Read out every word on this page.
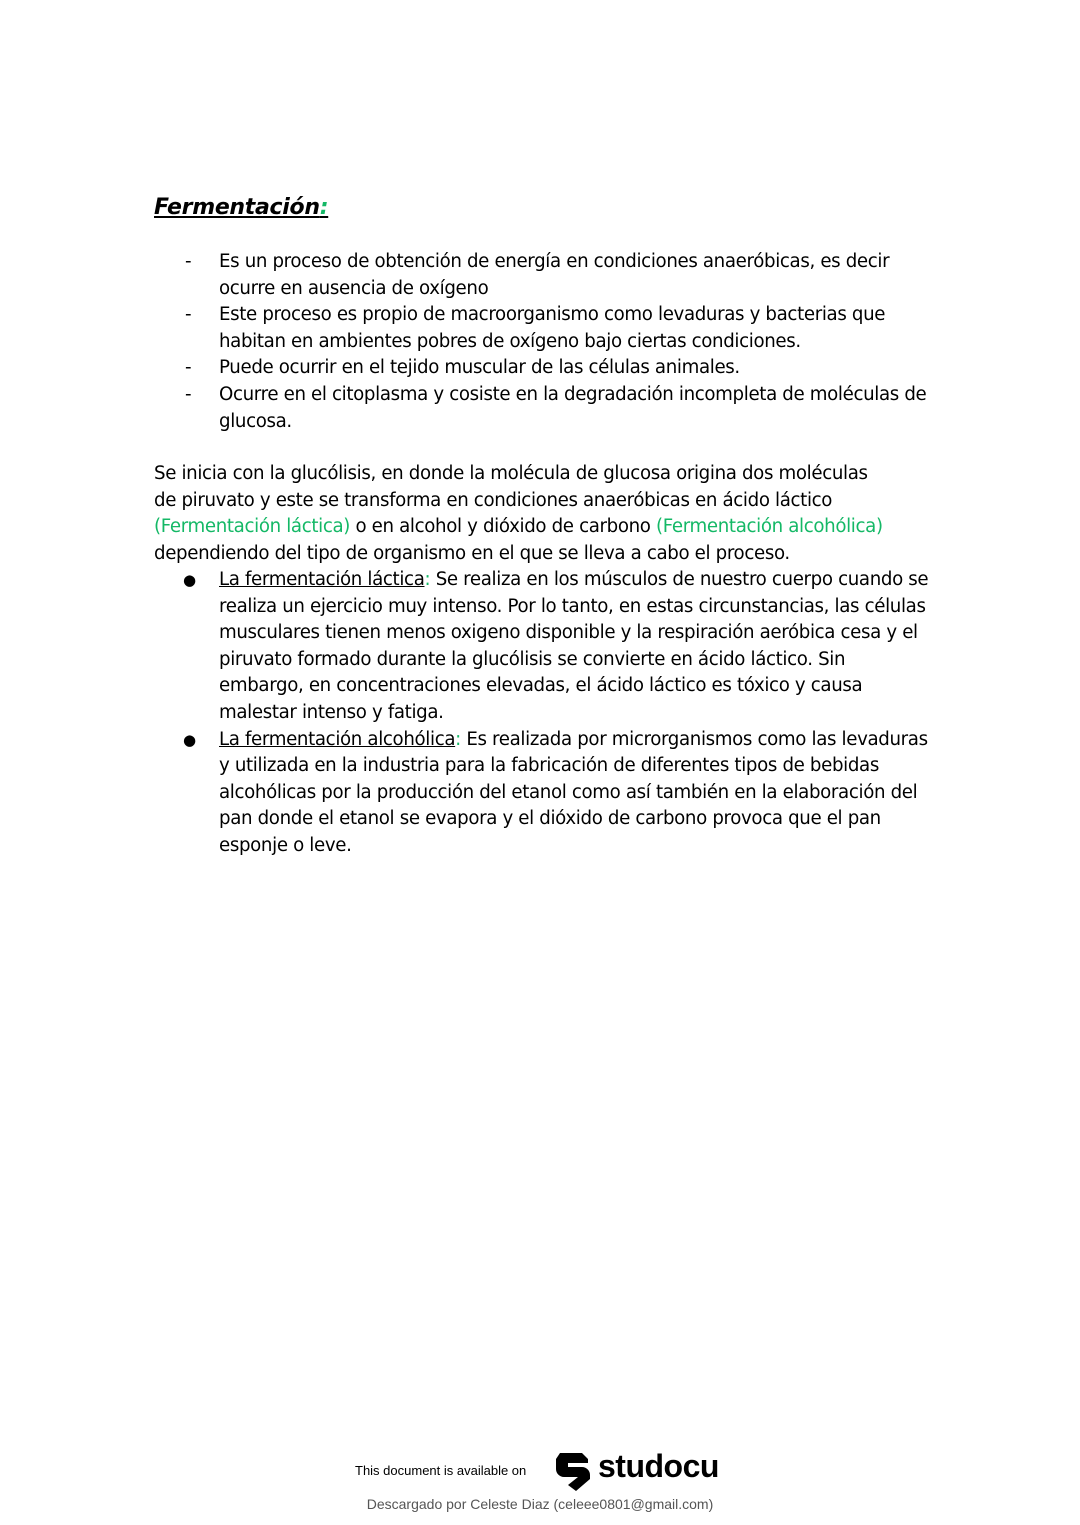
Fermentación:
- Es un proceso de obtención de energía en condiciones anaeróbicas, es decir ocurre en ausencia de oxígeno
- Este proceso es propio de macroorganismo como levaduras y bacterias que habitan en ambientes pobres de oxígeno bajo ciertas condiciones.
- Puede ocurrir en el tejido muscular de las células animales.
- Ocurre en el citoplasma y cosiste en la degradación incompleta de moléculas de glucosa.

Se inicia con la glucólisis, en donde la molécula de glucosa origina dos moléculas
de piruvato y este se transforma en condiciones anaeróbicas en ácido láctico
(Fermentación láctica) o en alcohol y dióxido de carbono (Fermentación alcohólica)
dependiendo del tipo de organismo en el que se lleva a cabo el proceso.

● La fermentación láctica: Se realiza en los músculos de nuestro cuerpo cuando se realiza un ejercicio muy intenso. Por lo tanto, en estas circunstancias, las células musculares tienen menos oxigeno disponible y la respiración aeróbica cesa y el piruvato formado durante la glucólisis se convierte en ácido láctico. Sin embargo, en concentraciones elevadas, el ácido láctico es tóxico y causa malestar intenso y fatiga.
● La fermentación alcohólica: Es realizada por microrganismos como las levaduras y utilizada en la industria para la fabricación de diferentes tipos de bebidas alcohólicas por la producción del etanol como así también en la elaboración del pan donde el etanol se evapora y el dióxido de carbono provoca que el pan esponje o leve.
This document is available on studocu
Descargado por Celeste Diaz (celeee0801@gmail.com)
